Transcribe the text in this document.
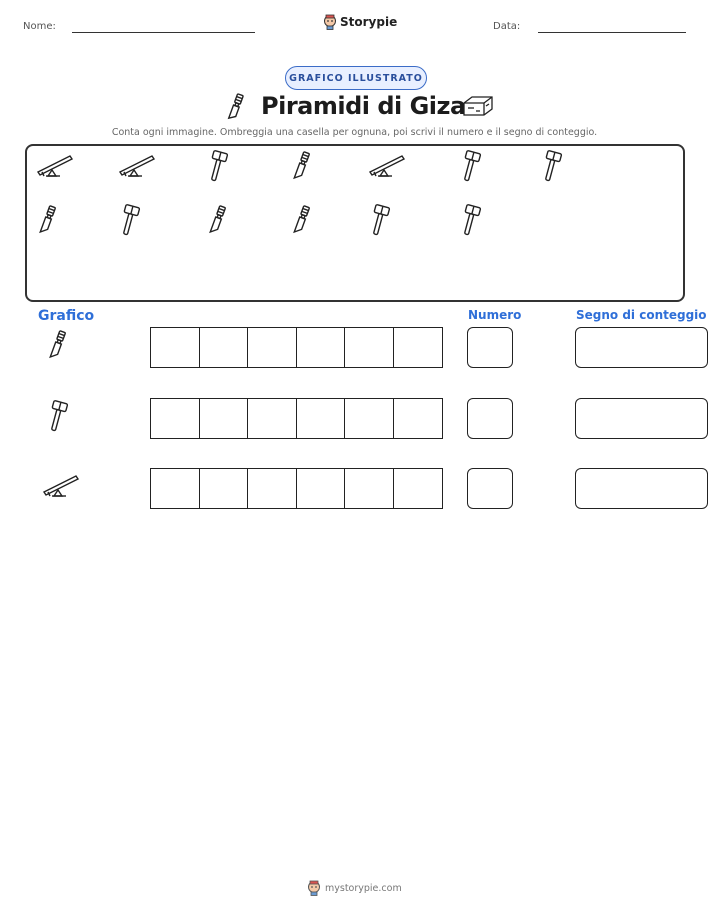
Nome:	Storypie	Data:
GRAFICO ILLUSTRATO
Piramidi di Giza
Conta ogni immagine. Ombreggia una casella per ognuna, poi scrivi il numero e il segno di conteggio.
Grafico	Numero	Segno di conteggio
mystorypie.com
